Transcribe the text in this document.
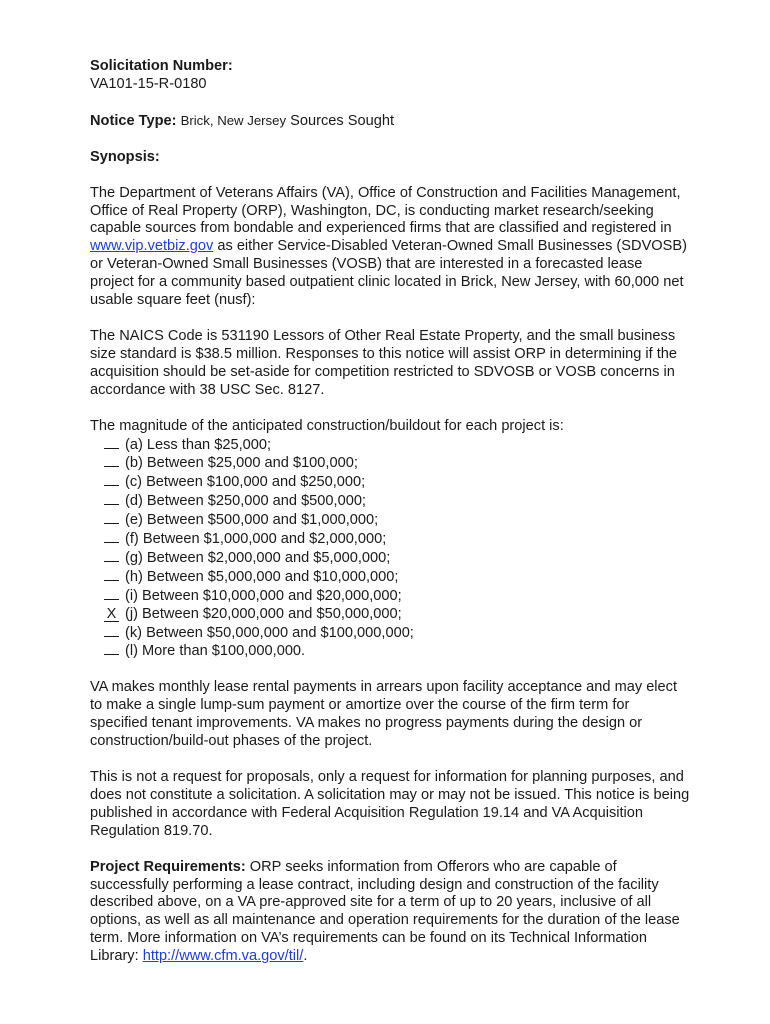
Solicitation Number:

VA101-15-R-0180

Notice Type: Brick, New Jersey Sources Sought

Synopsis:

The Department of Veterans Affairs (VA), Office of Construction and Facilities Management, Office of Real Property (ORP), Washington, DC, is conducting market research/seeking capable sources from bondable and experienced firms that are classified and registered in www.vip.vetbiz.gov as either Service-Disabled Veteran-Owned Small Businesses (SDVOSB) or Veteran-Owned Small Businesses (VOSB) that are interested in a forecasted lease project for a community based outpatient clinic located in Brick, New Jersey, with 60,000 net usable square feet (nusf):

The NAICS Code is 531190 Lessors of Other Real Estate Property, and the small business size standard is $38.5 million. Responses to this notice will assist ORP in determining if the acquisition should be set-aside for competition restricted to SDVOSB or VOSB concerns in accordance with 38 USC Sec. 8127.

The magnitude of the anticipated construction/buildout for each project is:

(a) Less than $25,000;
(b) Between $25,000 and $100,000;
(c) Between $100,000 and $250,000;
(d) Between $250,000 and $500,000;
(e) Between $500,000 and $1,000,000;
(f) Between $1,000,000 and $2,000,000;
(g) Between $2,000,000 and $5,000,000;
(h) Between $5,000,000 and $10,000,000;
(i) Between $10,000,000 and $20,000,000;
X (j) Between $20,000,000 and $50,000,000;
(k) Between $50,000,000 and $100,000,000;
(l) More than $100,000,000.

VA makes monthly lease rental payments in arrears upon facility acceptance and may elect to make a single lump-sum payment or amortize over the course of the firm term for specified tenant improvements. VA makes no progress payments during the design or construction/build-out phases of the project.

This is not a request for proposals, only a request for information for planning purposes, and does not constitute a solicitation. A solicitation may or may not be issued. This notice is being published in accordance with Federal Acquisition Regulation 19.14 and VA Acquisition Regulation 819.70.

Project Requirements: ORP seeks information from Offerors who are capable of successfully performing a lease contract, including design and construction of the facility described above, on a VA pre-approved site for a term of up to 20 years, inclusive of all options, as well as all maintenance and operation requirements for the duration of the lease term. More information on VA’s requirements can be found on its Technical Information Library: http://www.cfm.va.gov/til/.
